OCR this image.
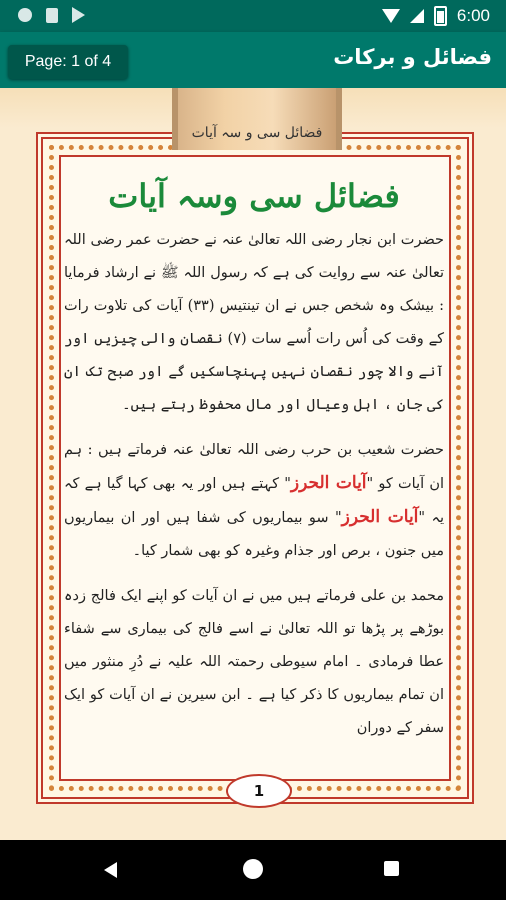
6:00
Page: 1 of 4	فضائل و برکات
فضائل سی و سہ آیات
فضائل سی وسہ آیات

حضرت ابن نجار رضی اللہ تعالیٰ عنہ نے حضرت عمر رضی اللہ تعالیٰ عنہ سے روایت کی ہے کہ رسول اللہ ﷺ نے ارشاد فرمایا : بیشک وہ شخص جس نے ان تینتیس (۳۳) آیات کی تلاوت رات کے وقت کی اُس رات اُسے سات (۷) نقصان والی چیزیں اور آنے والا چور نقصان نہیں پہنچاسکیں گے اور صبح تک ان کی جان ، اہل وعیال اور مال محفوظ رہتے ہیں۔

حضرت شعیب بن حرب رضی اللہ تعالیٰ عنہ فرماتے ہیں : ہم ان آیات کو "آیات الحرز" کہتے ہیں اور یہ بھی کہا گیا ہے کہ یہ "آیات الحرز" سو بیماریوں کی شفا ہیں اور ان بیماریوں میں جنون ، برص اور جذام وغیرہ کو بھی شمار کیا۔

محمد بن علی فرماتے ہیں میں نے ان آیات کو اپنے ایک فالج زدہ بوڑھے پر پڑھا تو اللہ تعالیٰ نے اسے فالج کی بیماری سے شفاء عطا فرمادی ۔ امام سیوطی رحمتہ اللہ علیہ نے دُرِ منثور میں ان تمام بیماریوں کا ذکر کیا ہے ۔ ابن سیرین نے ان آیات کو ایک سفر کے دوران

1
